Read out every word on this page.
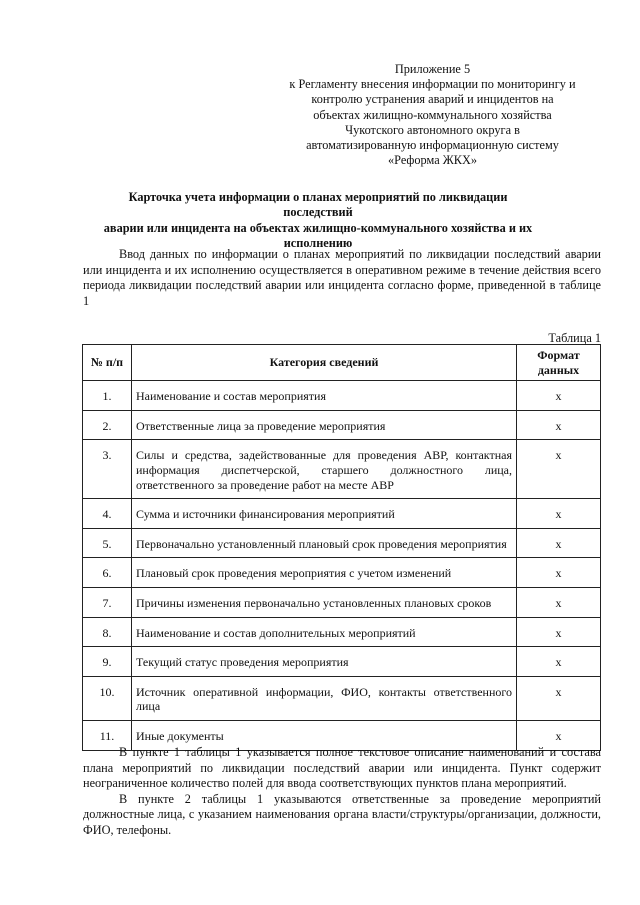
Приложение 5
к Регламенту внесения информации по мониторингу и
контролю устранения аварий и инцидентов на
объектах жилищно-коммунального хозяйства
Чукотского автономного округа в
автоматизированную информационную систему
«Реформа ЖКХ»
Карточка учета информации о планах мероприятий по ликвидации последствий
аварии или инцидента на объектах жилищно-коммунального хозяйства и их
исполнению

Ввод данных по информации о планах мероприятий по ликвидации последствий аварии или инцидента и их исполнению осуществляется в оперативном режиме в течение действия всего периода ликвидации последствий аварии или инцидента согласно форме, приведенной в таблице 1

Таблица 1
№ п/п	Категория сведений	Формат данных
1.	Наименование и состав мероприятия	х
2.	Ответственные лица за проведение мероприятия	х
3.	Силы и средства, задействованные для проведения АВР, контактная информация диспетчерской, старшего должностного лица, ответственного за проведение работ на месте АВР	х
4.	Сумма и источники финансирования мероприятий	х
5.	Первоначально установленный плановый срок проведения мероприятия	х
6.	Плановый срок проведения мероприятия с учетом изменений	х
7.	Причины изменения первоначально установленных плановых сроков	х
8.	Наименование и состав дополнительных мероприятий	х
9.	Текущий статус проведения мероприятия	х
10.	Источник оперативной информации, ФИО, контакты ответственного лица	х
11.	Иные документы	х

В пункте 1 таблицы 1 указывается полное текстовое описание наименований и состава плана мероприятий по ликвидации последствий аварии или инцидента. Пункт содержит неограниченное количество полей для ввода соответствующих пунктов плана мероприятий.

В пункте 2 таблицы 1 указываются ответственные за проведение мероприятий должностные лица, с указанием наименования органа власти/структуры/организации, должности, ФИО, телефоны.
